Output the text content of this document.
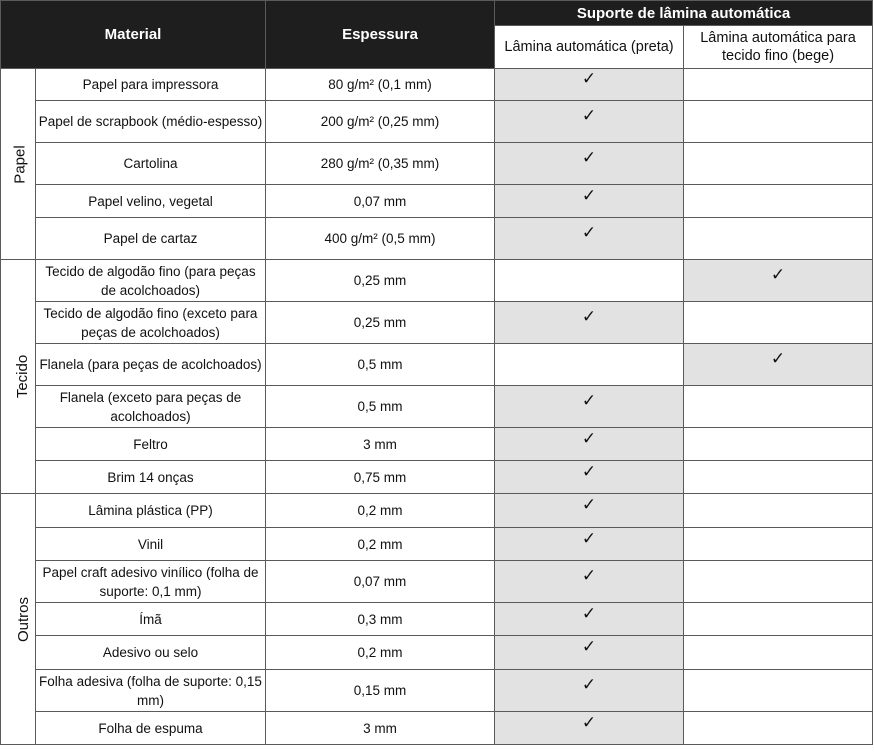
Material		Espessura	Suporte de lâmina automática	
			Lâmina automática (preta)	Lâmina automática para tecido fino (bege)
Papel	Papel para impressora	80 g/m² (0,1 mm)	✓	
	Papel de scrapbook (médio-espesso)	200 g/m² (0,25 mm)	✓	
	Cartolina	280 g/m² (0,35 mm)	✓	
	Papel velino, vegetal	0,07 mm	✓	
	Papel de cartaz	400 g/m² (0,5 mm)	✓	
Tecido	Tecido de algodão fino (para peças de acolchoados)	0,25 mm		✓
	Tecido de algodão fino (exceto para peças de acolchoados)	0,25 mm	✓	
	Flanela (para peças de acolchoados)	0,5 mm		✓
	Flanela (exceto para peças de acolchoados)	0,5 mm	✓	
	Feltro	3 mm	✓	
	Brim 14 onças	0,75 mm	✓	
Outros	Lâmina plástica (PP)	0,2 mm	✓	
	Vinil	0,2 mm	✓	
	Papel craft adesivo vinílico (folha de suporte: 0,1 mm)	0,07 mm	✓	
	Ímã	0,3 mm	✓	
	Adesivo ou selo	0,2 mm	✓	
	Folha adesiva (folha de suporte: 0,15 mm)	0,15 mm	✓	
	Folha de espuma	3 mm	✓	
